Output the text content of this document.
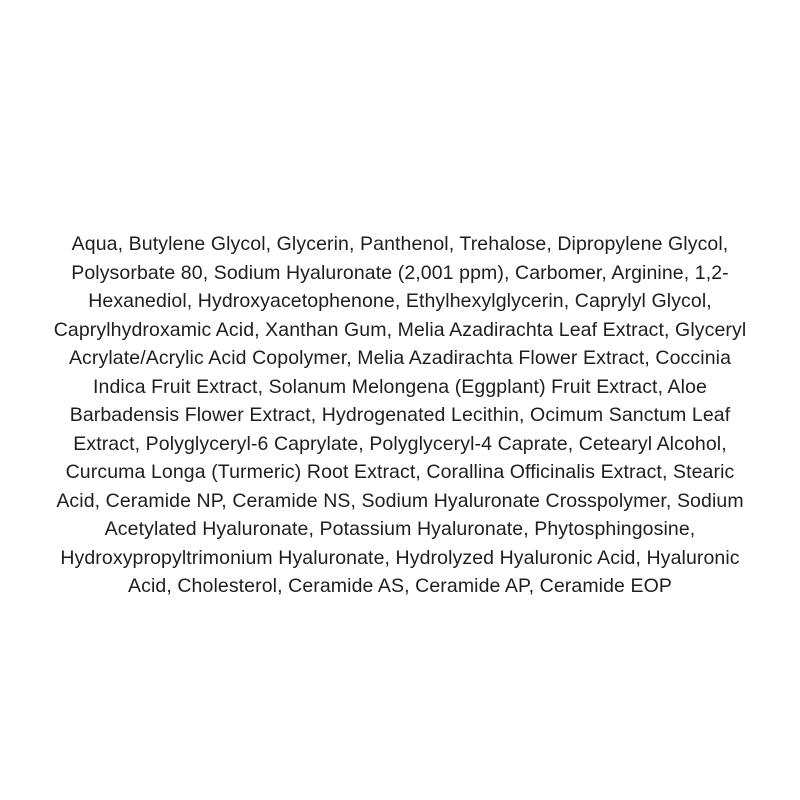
Aqua, Butylene Glycol, Glycerin, Panthenol, Trehalose, Dipropylene Glycol,
Polysorbate 80, Sodium Hyaluronate (2,001 ppm), Carbomer, Arginine, 1,2-
Hexanediol, Hydroxyacetophenone, Ethylhexylglycerin, Caprylyl Glycol,
Caprylhydroxamic Acid, Xanthan Gum, Melia Azadirachta Leaf Extract, Glyceryl
Acrylate/Acrylic Acid Copolymer, Melia Azadirachta Flower Extract, Coccinia
Indica Fruit Extract, Solanum Melongena (Eggplant) Fruit Extract, Aloe
Barbadensis Flower Extract, Hydrogenated Lecithin, Ocimum Sanctum Leaf
Extract, Polyglyceryl-6 Caprylate, Polyglyceryl-4 Caprate, Cetearyl Alcohol,
Curcuma Longa (Turmeric) Root Extract, Corallina Officinalis Extract, Stearic
Acid, Ceramide NP, Ceramide NS, Sodium Hyaluronate Crosspolymer, Sodium
Acetylated Hyaluronate, Potassium Hyaluronate, Phytosphingosine,
Hydroxypropyltrimonium Hyaluronate, Hydrolyzed Hyaluronic Acid, Hyaluronic
Acid, Cholesterol, Ceramide AS, Ceramide AP, Ceramide EOP
